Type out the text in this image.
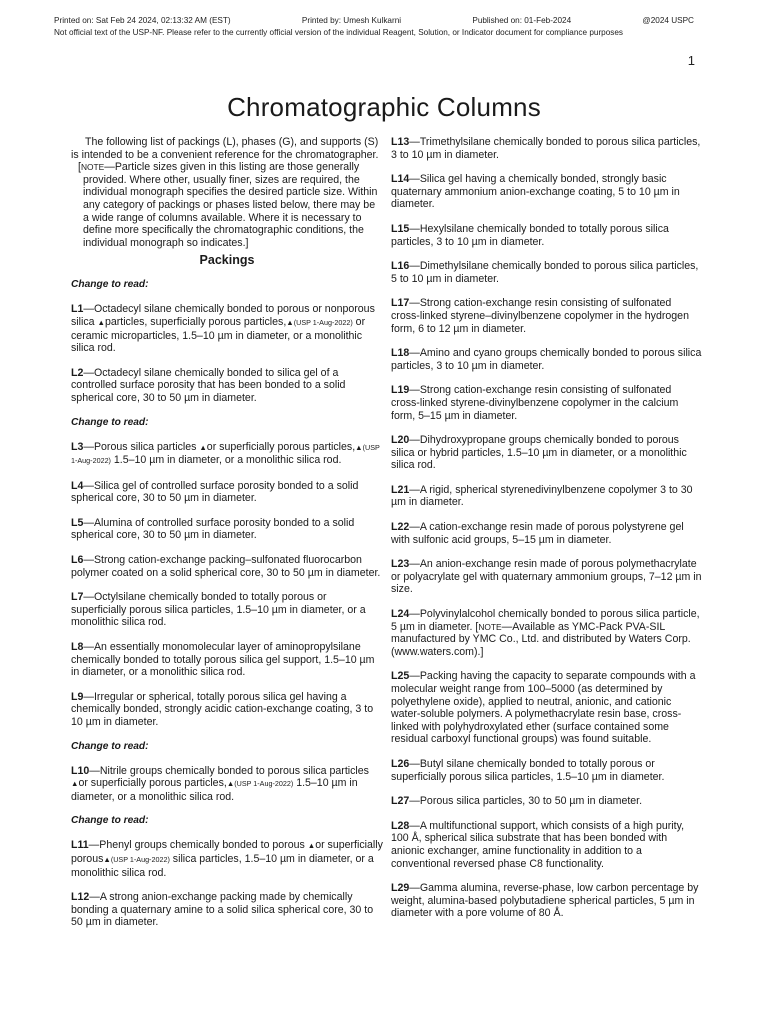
Printed on: Sat Feb 24 2024, 02:13:32 AM (EST)	Printed by: Umesh Kulkarni	Published on: 01-Feb-2024	@2024 USPC
Not official text of the USP-NF. Please refer to the currently official version of the individual Reagent, Solution, or Indicator document for compliance purposes
1
Chromatographic Columns

The following list of packings (L), phases (G), and supports (S) is intended to be a convenient reference for the chromatographer.

[NOTE—Particle sizes given in this listing are those generally provided. Where other, usually finer, sizes are required, the individual monograph specifies the desired particle size. Within any category of packings or phases listed below, there may be a wide range of columns available. Where it is necessary to define more specifically the chromatographic conditions, the individual monograph so indicates.]

Packings
Change to read:
L1—Octadecyl silane chemically bonded to porous or nonporous silica ▲particles, superficially porous particles,▲(USP 1-Aug-2022) or ceramic microparticles, 1.5–10 µm in diameter, or a monolithic silica rod.
L2—Octadecyl silane chemically bonded to silica gel of a controlled surface porosity that has been bonded to a solid spherical core, 30 to 50 µm in diameter.
Change to read:
L3—Porous silica particles ▲or superficially porous particles,▲(USP 1-Aug-2022) 1.5–10 µm in diameter, or a monolithic silica rod.
L4—Silica gel of controlled surface porosity bonded to a solid spherical core, 30 to 50 µm in diameter.
L5—Alumina of controlled surface porosity bonded to a solid spherical core, 30 to 50 µm in diameter.
L6—Strong cation-exchange packing–sulfonated fluorocarbon polymer coated on a solid spherical core, 30 to 50 µm in diameter.
L7—Octylsilane chemically bonded to totally porous or superficially porous silica particles, 1.5–10 µm in diameter, or a monolithic silica rod.
L8—An essentially monomolecular layer of aminopropylsilane chemically bonded to totally porous silica gel support, 1.5–10 µm in diameter, or a monolithic silica rod.
L9—Irregular or spherical, totally porous silica gel having a chemically bonded, strongly acidic cation-exchange coating, 3 to 10 µm in diameter.
Change to read:
L10—Nitrile groups chemically bonded to porous silica particles ▲or superficially porous particles,▲(USP 1-Aug-2022) 1.5–10 µm in diameter, or a monolithic silica rod.
Change to read:
L11—Phenyl groups chemically bonded to porous ▲or superficially porous▲(USP 1-Aug-2022) silica particles, 1.5–10 µm in diameter, or a monolithic silica rod.
L12—A strong anion-exchange packing made by chemically bonding a quaternary amine to a solid silica spherical core, 30 to 50 µm in diameter.
L13—Trimethylsilane chemically bonded to porous silica particles, 3 to 10 µm in diameter.
L14—Silica gel having a chemically bonded, strongly basic quaternary ammonium anion-exchange coating, 5 to 10 µm in diameter.
L15—Hexylsilane chemically bonded to totally porous silica particles, 3 to 10 µm in diameter.
L16—Dimethylsilane chemically bonded to porous silica particles, 5 to 10 µm in diameter.
L17—Strong cation-exchange resin consisting of sulfonated cross-linked styrene–divinylbenzene copolymer in the hydrogen form, 6 to 12 µm in diameter.
L18—Amino and cyano groups chemically bonded to porous silica particles, 3 to 10 µm in diameter.
L19—Strong cation-exchange resin consisting of sulfonated cross-linked styrene-divinylbenzene copolymer in the calcium form, 5–15 µm in diameter.
L20—Dihydroxypropane groups chemically bonded to porous silica or hybrid particles, 1.5–10 µm in diameter, or a monolithic silica rod.
L21—A rigid, spherical styrenedivinylbenzene copolymer 3 to 30 µm in diameter.
L22—A cation-exchange resin made of porous polystyrene gel with sulfonic acid groups, 5–15 µm in diameter.
L23—An anion-exchange resin made of porous polymethacrylate or polyacrylate gel with quaternary ammonium groups, 7–12 µm in size.
L24—Polyvinylalcohol chemically bonded to porous silica particle, 5 µm in diameter. [NOTE—Available as YMC-Pack PVA-SIL manufactured by YMC Co., Ltd. and distributed by Waters Corp. (www.waters.com).]
L25—Packing having the capacity to separate compounds with a molecular weight range from 100–5000 (as determined by polyethylene oxide), applied to neutral, anionic, and cationic water-soluble polymers. A polymethacrylate resin base, cross-linked with polyhydroxylated ether (surface contained some residual carboxyl functional groups) was found suitable.
L26—Butyl silane chemically bonded to totally porous or superficially porous silica particles, 1.5–10 µm in diameter.
L27—Porous silica particles, 30 to 50 µm in diameter.
L28—A multifunctional support, which consists of a high purity, 100 Å, spherical silica substrate that has been bonded with anionic exchanger, amine functionality in addition to a conventional reversed phase C8 functionality.
L29—Gamma alumina, reverse-phase, low carbon percentage by weight, alumina-based polybutadiene spherical particles, 5 µm in diameter with a pore volume of 80 Å.
